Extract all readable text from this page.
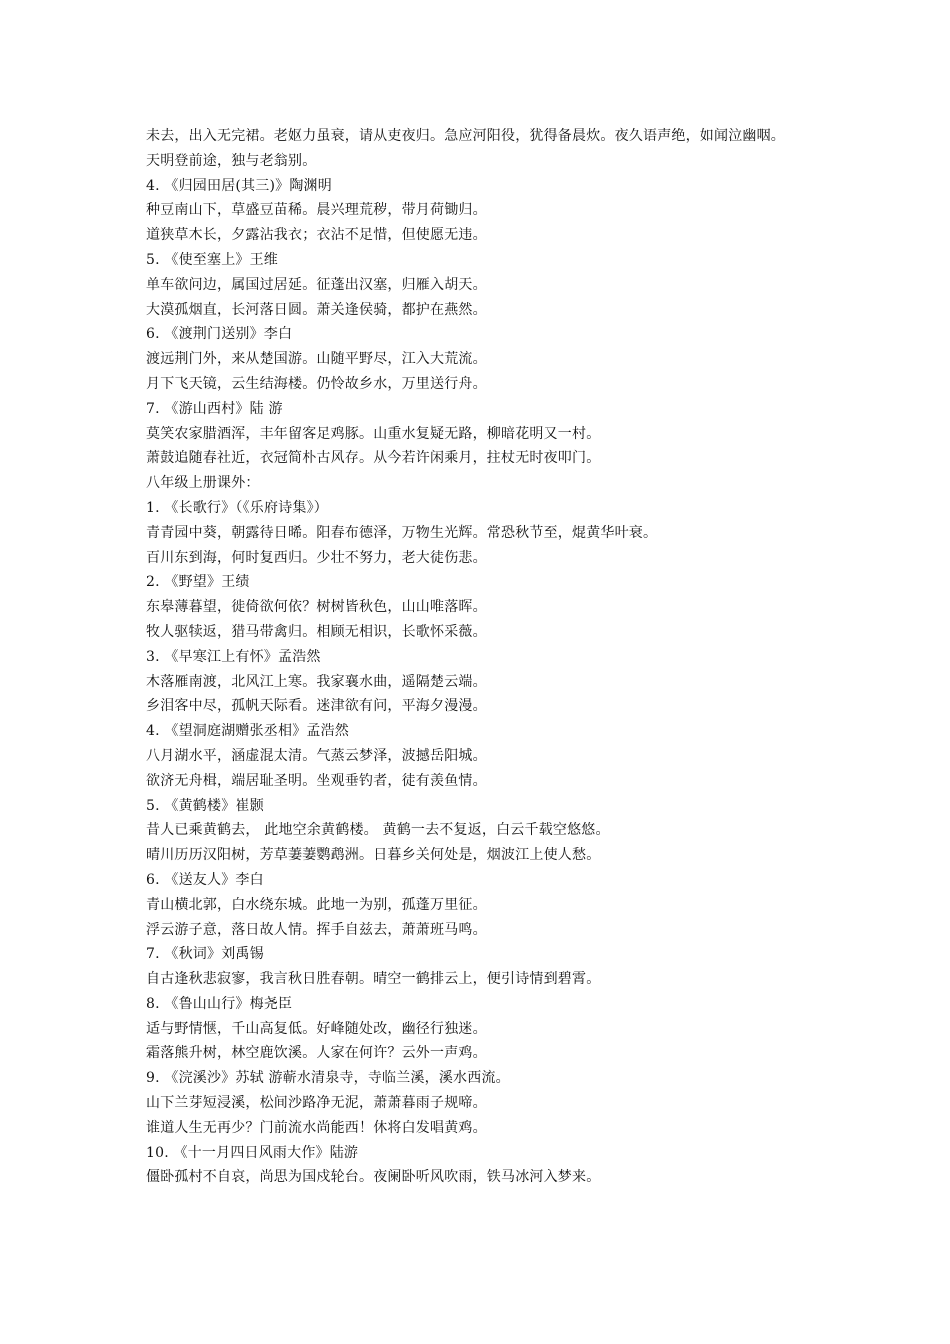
未去，出入无完裙。老妪力虽衰，请从吏夜归。急应河阳役，犹得备晨炊。夜久语声绝，如闻泣幽咽。
天明登前途，独与老翁别。
4. 《归园田居(其三)》陶渊明
种豆南山下，草盛豆苗稀。晨兴理荒秽，带月荷锄归。
道狭草木长，夕露沾我衣；衣沾不足惜，但使愿无违。
5. 《使至塞上》王维
单车欲问边，属国过居延。征蓬出汉塞，归雁入胡天。
大漠孤烟直，长河落日圆。萧关逢侯骑，都护在燕然。
6. 《渡荆门送别》李白
渡远荆门外，来从楚国游。山随平野尽，江入大荒流。
月下飞天镜，云生结海楼。仍怜故乡水，万里送行舟。
7. 《游山西村》陆 游
莫笑农家腊酒浑，丰年留客足鸡豚。山重水复疑无路，柳暗花明又一村。
萧鼓追随春社近，衣冠简朴古风存。从今若许闲乘月，拄杖无时夜叩门。
八年级上册课外：
1. 《长歌行》（《乐府诗集》）
青青园中葵，朝露待日晞。阳春布德泽，万物生光辉。常恐秋节至，焜黄华叶衰。
百川东到海，何时复西归。少壮不努力，老大徒伤悲。
2. 《野望》王绩
东皋薄暮望，徙倚欲何依？树树皆秋色，山山唯落晖。
牧人驱犊返，猎马带禽归。相顾无相识，长歌怀采薇。
3. 《早寒江上有怀》孟浩然
木落雁南渡，北风江上寒。我家襄水曲，遥隔楚云端。
乡泪客中尽，孤帆天际看。迷津欲有问，平海夕漫漫。
4. 《望洞庭湖赠张丞相》孟浩然
八月湖水平，涵虚混太清。气蒸云梦泽，波撼岳阳城。
欲济无舟楫，端居耻圣明。坐观垂钓者，徒有羡鱼情。
5. 《黄鹤楼》崔颢
昔人已乘黄鹤去， 此地空余黄鹤楼。 黄鹤一去不复返，白云千载空悠悠。
晴川历历汉阳树，芳草萋萋鹦鹉洲。日暮乡关何处是，烟波江上使人愁。
6. 《送友人》李白
青山横北郭，白水绕东城。此地一为别，孤蓬万里征。
浮云游子意，落日故人情。挥手自兹去，萧萧班马鸣。
7. 《秋词》刘禹锡
自古逢秋悲寂寥，我言秋日胜春朝。晴空一鹤排云上，便引诗情到碧霄。
8. 《鲁山山行》梅尧臣
适与野情惬，千山高复低。好峰随处改，幽径行独迷。
霜落熊升树，林空鹿饮溪。人家在何许？云外一声鸡。
9. 《浣溪沙》苏轼 游蕲水清泉寺，寺临兰溪，溪水西流。
山下兰芽短浸溪，松间沙路净无泥，萧萧暮雨子规啼。
谁道人生无再少？门前流水尚能西！休将白发唱黄鸡。
10. 《十一月四日风雨大作》陆游
僵卧孤村不自哀，尚思为国戍轮台。夜阑卧听风吹雨，铁马冰河入梦来。
